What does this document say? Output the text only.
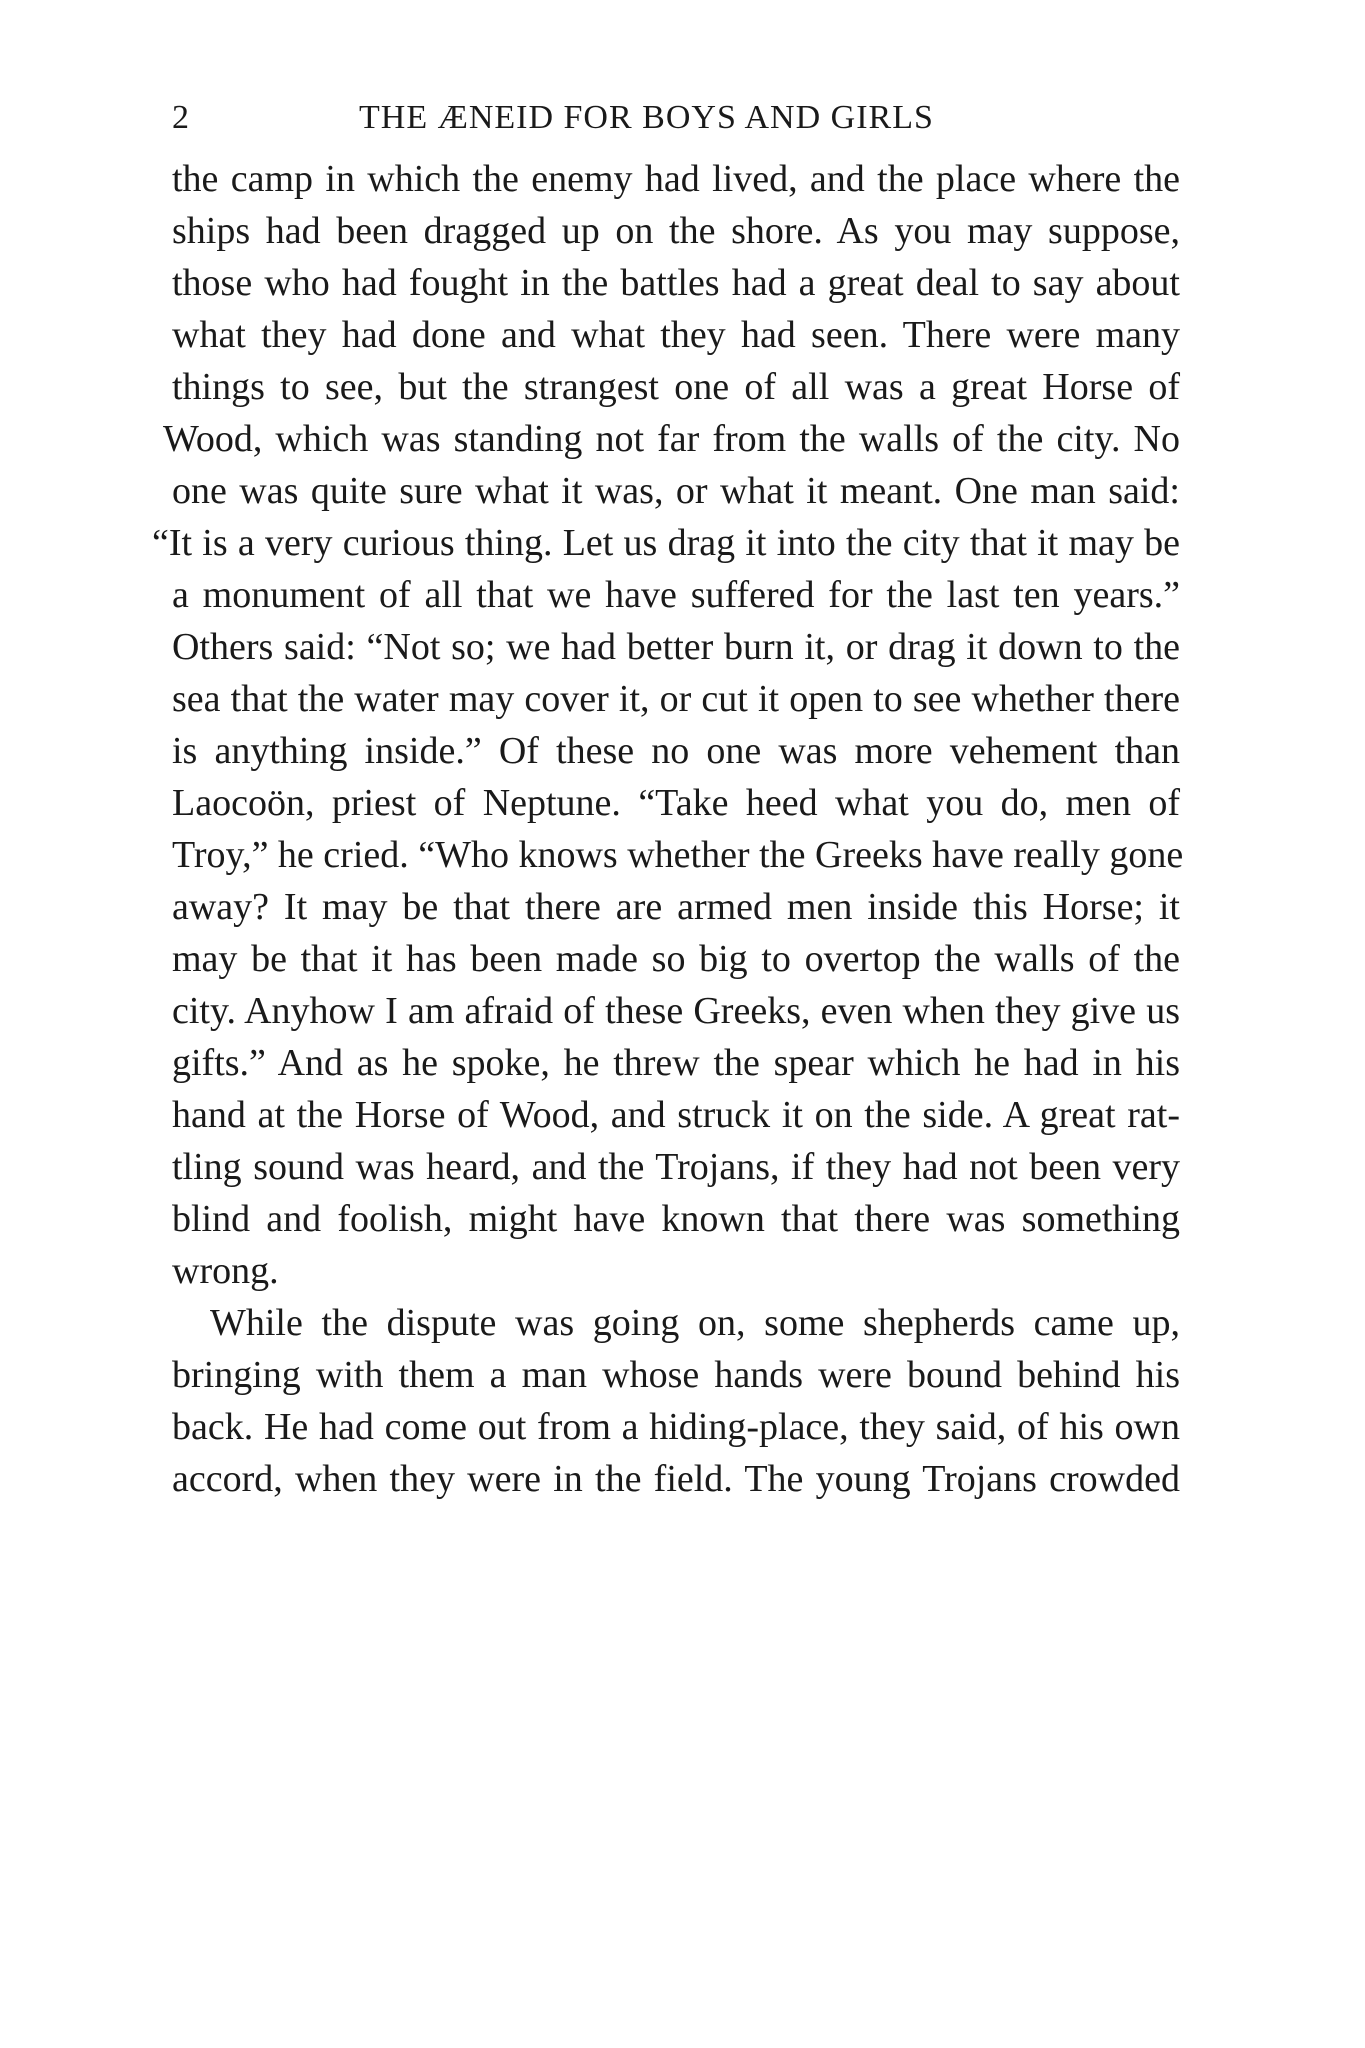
2	THE ÆNEID FOR BOYS AND GIRLS
the camp in which the enemy had lived, and the place where the
ships had been dragged up on the shore. As you may suppose,
those who had fought in the battles had a great deal to say about
what they had done and what they had seen. There were many
things to see, but the strangest one of all was a great Horse of
Wood, which was standing not far from the walls of the city. No
one was quite sure what it was, or what it meant. One man said:
“It is a very curious thing. Let us drag it into the city that it may be
a monument of all that we have suffered for the last ten years.”
Others said: “Not so; we had better burn it, or drag it down to the
sea that the water may cover it, or cut it open to see whether there
is anything inside.” Of these no one was more vehement than
Laocoön, priest of Neptune. “Take heed what you do, men of
Troy,” he cried. “Who knows whether the Greeks have really gone
away? It may be that there are armed men inside this Horse; it
may be that it has been made so big to overtop the walls of the
city. Anyhow I am afraid of these Greeks, even when they give us
gifts.” And as he spoke, he threw the spear which he had in his
hand at the Horse of Wood, and struck it on the side. A great rat-
tling sound was heard, and the Trojans, if they had not been very
blind and foolish, might have known that there was something
wrong.
While the dispute was going on, some shepherds came up,
bringing with them a man whose hands were bound behind his
back. He had come out from a hiding-place, they said, of his own
accord, when they were in the field. The young Trojans crowded
